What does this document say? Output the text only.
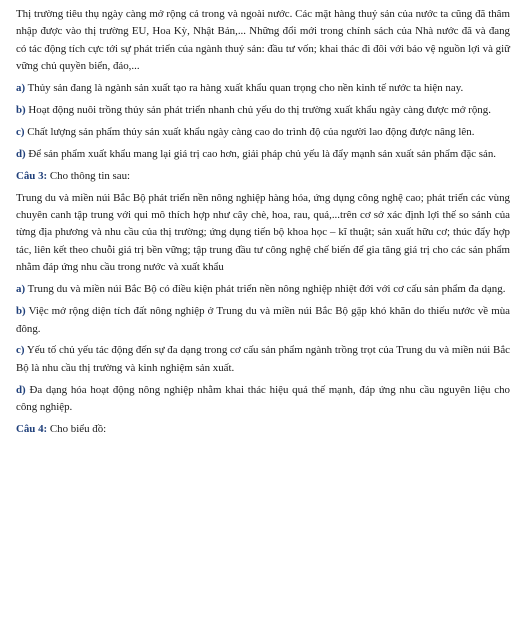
Thị trường tiêu thụ ngày càng mở rộng cả trong và ngoài nước. Các mặt hàng thuỷ sản của nước ta cũng đã thâm nhập được vào thị trường EU, Hoa Kỳ, Nhật Bản,... Những đổi mới trong chính sách của Nhà nước đã và đang có tác động tích cực tới sự phát triển của ngành thuỷ sản: đầu tư vốn; khai thác đi đôi với bảo vệ nguồn lợi và giữ vững chủ quyền biển, đảo,...

a) Thủy sản đang là ngành sản xuất tạo ra hàng xuất khẩu quan trọng cho nền kinh tế nước ta hiện nay.

b) Hoạt động nuôi trồng thủy sản phát triển nhanh chủ yếu do thị trường xuất khẩu ngày càng được mở rộng.

c) Chất lượng sản phẩm thủy sản xuất khẩu ngày càng cao do trình độ của người lao động được nâng lên.

d) Để sản phẩm xuất khẩu mang lại giá trị cao hơn, giải pháp chủ yếu là đẩy mạnh sản xuất sản phẩm đặc sản.

Câu 3: Cho thông tin sau:

Trung du và miền núi Bắc Bộ phát triển nền nông nghiệp hàng hóa, ứng dụng công nghệ cao; phát triển các vùng chuyên canh tập trung với qui mô thích hợp như cây chè, hoa, rau, quả,...trên cơ sở xác định lợi thế so sánh của từng địa phương và nhu cầu của thị trường; ứng dụng tiến bộ khoa học – kĩ thuật; sản xuất hữu cơ; thúc đẩy hợp tác, liên kết theo chuỗi giá trị bền vững; tập trung đầu tư công nghệ chế biến để gia tăng giá trị cho các sản phẩm nhằm đáp ứng nhu cầu trong nước và xuất khẩu

a) Trung du và miền núi Bắc Bộ có điều kiện phát triển nền nông nghiệp nhiệt đới với cơ cấu sản phẩm đa dạng.

b) Việc mở rộng diện tích đất nông nghiệp ở Trung du và miền núi Bắc Bộ gặp khó khăn do thiếu nước về mùa đông.

c) Yếu tố chủ yếu tác động đến sự đa dạng trong cơ cấu sản phẩm ngành trồng trọt của Trung du và miền núi Bắc Bộ là nhu cầu thị trường và kinh nghiệm sản xuất.

d) Đa dạng hóa hoạt động nông nghiệp nhằm khai thác hiệu quả thế mạnh, đáp ứng nhu cầu nguyên liệu cho công nghiệp.

Câu 4: Cho biểu đồ:
